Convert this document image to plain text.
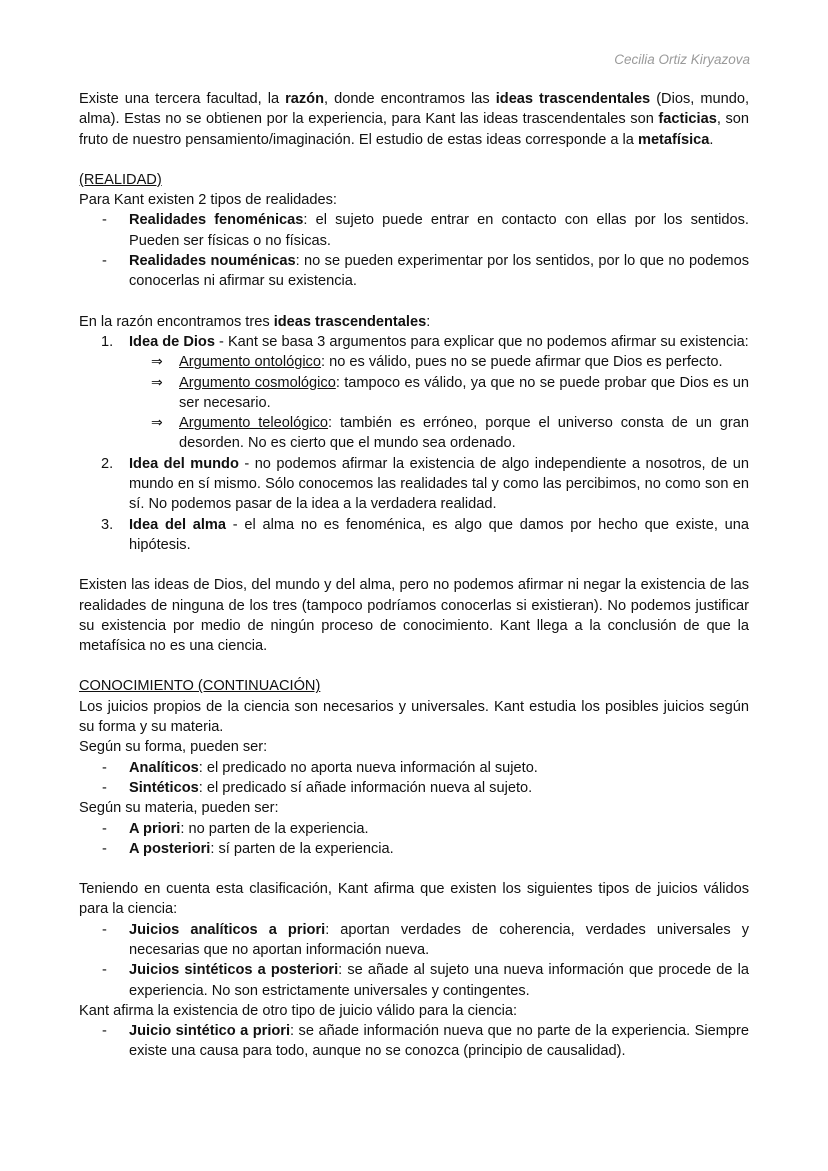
Cecilia Ortiz Kiryazova

Existe una tercera facultad, la razón, donde encontramos las ideas trascendentales (Dios, mundo, alma). Estas no se obtienen por la experiencia, para Kant las ideas trascendentales son facticias, son fruto de nuestro pensamiento/imaginación. El estudio de estas ideas corresponde a la metafísica.

(REALIDAD)

Para Kant existen 2 tipos de realidades:

-	Realidades fenoménicas: el sujeto puede entrar en contacto con ellas por los sentidos. Pueden ser físicas o no físicas.
-	Realidades nouménicas: no se pueden experimentar por los sentidos, por lo que no podemos conocerlas ni afirmar su existencia.

En la razón encontramos tres ideas trascendentales:

1.	Idea de Dios - Kant se basa 3 argumentos para explicar que no podemos afirmar su existencia:
⇒	Argumento ontológico: no es válido, pues no se puede afirmar que Dios es perfecto.
⇒	Argumento cosmológico: tampoco es válido, ya que no se puede probar que Dios es un ser necesario.
⇒	Argumento teleológico: también es erróneo, porque el universo consta de un gran desorden. No es cierto que el mundo sea ordenado.
2.	Idea del mundo - no podemos afirmar la existencia de algo independiente a nosotros, de un mundo en sí mismo. Sólo conocemos las realidades tal y como las percibimos, no como son en sí. No podemos pasar de la idea a la verdadera realidad.
3.	Idea del alma - el alma no es fenoménica, es algo que damos por hecho que existe, una hipótesis.

Existen las ideas de Dios, del mundo y del alma, pero no podemos afirmar ni negar la existencia de las realidades de ninguna de los tres (tampoco podríamos conocerlas si existieran). No podemos justificar su existencia por medio de ningún proceso de conocimiento. Kant llega a la conclusión de que la metafísica no es una ciencia.

CONOCIMIENTO (CONTINUACIÓN)

Los juicios propios de la ciencia son necesarios y universales. Kant estudia los posibles juicios según su forma y su materia.

Según su forma, pueden ser:

-	Analíticos: el predicado no aporta nueva información al sujeto.
-	Sintéticos: el predicado sí añade información nueva al sujeto.

Según su materia, pueden ser:

-	A priori: no parten de la experiencia.
-	A posteriori: sí parten de la experiencia.

Teniendo en cuenta esta clasificación, Kant afirma que existen los siguientes tipos de juicios válidos para la ciencia:

-	Juicios analíticos a priori: aportan verdades de coherencia, verdades universales y necesarias que no aportan información nueva.
-	Juicios sintéticos a posteriori: se añade al sujeto una nueva información que procede de la experiencia. No son estrictamente universales y contingentes.

Kant afirma la existencia de otro tipo de juicio válido para la ciencia:

-	Juicio sintético a priori: se añade información nueva que no parte de la experiencia. Siempre existe una causa para todo, aunque no se conozca (principio de causalidad).
